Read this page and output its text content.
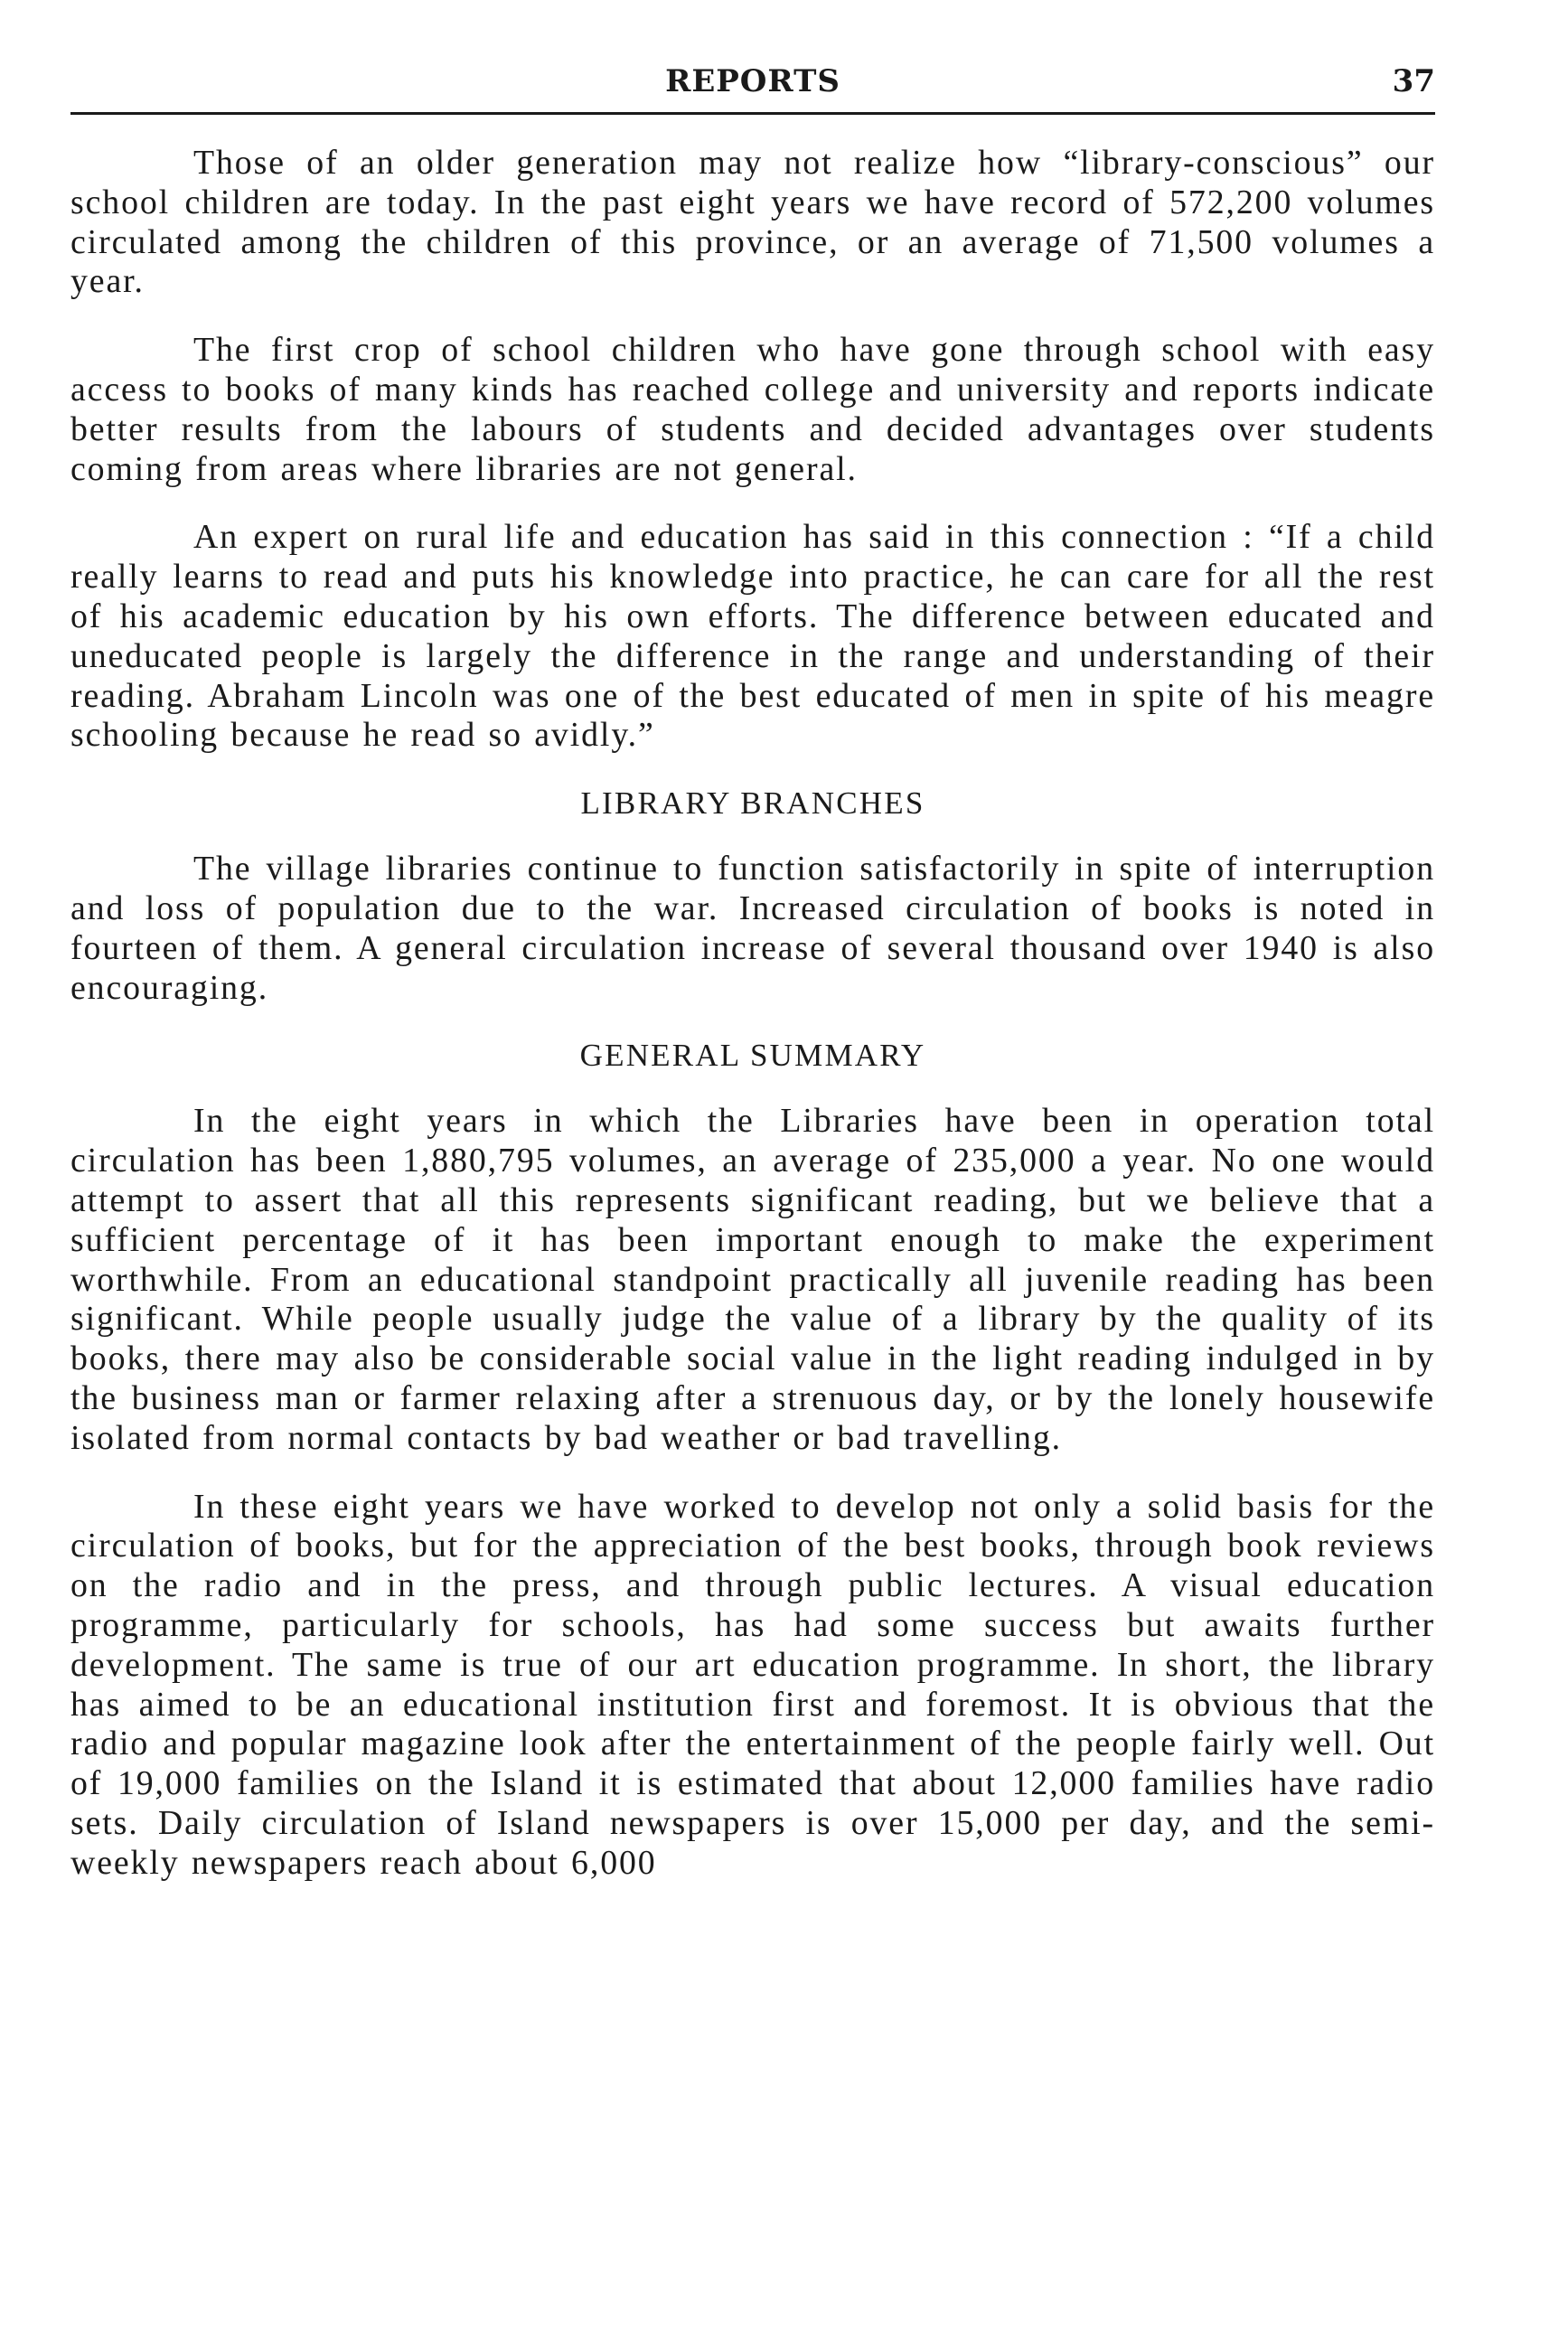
REPORTS	37

Those of an older generation may not realize how “library-conscious” our school children are today. In the past eight years we have record of 572,200 volumes circulated among the children of this province, or an average of 71,500 volumes a year.

The first crop of school children who have gone through school with easy access to books of many kinds has reached college and university and reports indicate better results from the labours of students and decided advantages over students coming from areas where libraries are not general.

An expert on rural life and education has said in this connection : “If a child really learns to read and puts his knowledge into practice, he can care for all the rest of his academic education by his own efforts. The difference between educated and uneducated people is largely the difference in the range and understanding of their reading. Abraham Lincoln was one of the best educated of men in spite of his meagre schooling because he read so avidly.”

LIBRARY BRANCHES

The village libraries continue to function satisfactorily in spite of interruption and loss of population due to the war. Increased circulation of books is noted in fourteen of them. A general circulation increase of several thousand over 1940 is also encouraging.

GENERAL SUMMARY

In the eight years in which the Libraries have been in operation total circulation has been 1,880,795 volumes, an average of 235,000 a year. No one would attempt to assert that all this represents significant reading, but we believe that a sufficient percentage of it has been important enough to make the experiment worthwhile. From an educational standpoint practically all juvenile reading has been significant. While people usually judge the value of a library by the quality of its books, there may also be considerable social value in the light reading indulged in by the business man or farmer relaxing after a strenuous day, or by the lonely housewife isolated from normal contacts by bad weather or bad travelling.

In these eight years we have worked to develop not only a solid basis for the circulation of books, but for the appreciation of the best books, through book reviews on the radio and in the press, and through public lectures. A visual education programme, particularly for schools, has had some success but awaits further development. The same is true of our art education programme. In short, the library has aimed to be an educational institution first and foremost. It is obvious that the radio and popular magazine look after the entertainment of the people fairly well. Out of 19,000 families on the Island it is estimated that about 12,000 families have radio sets. Daily circulation of Island newspapers is over 15,000 per day, and the semi-weekly newspapers reach about 6,000
